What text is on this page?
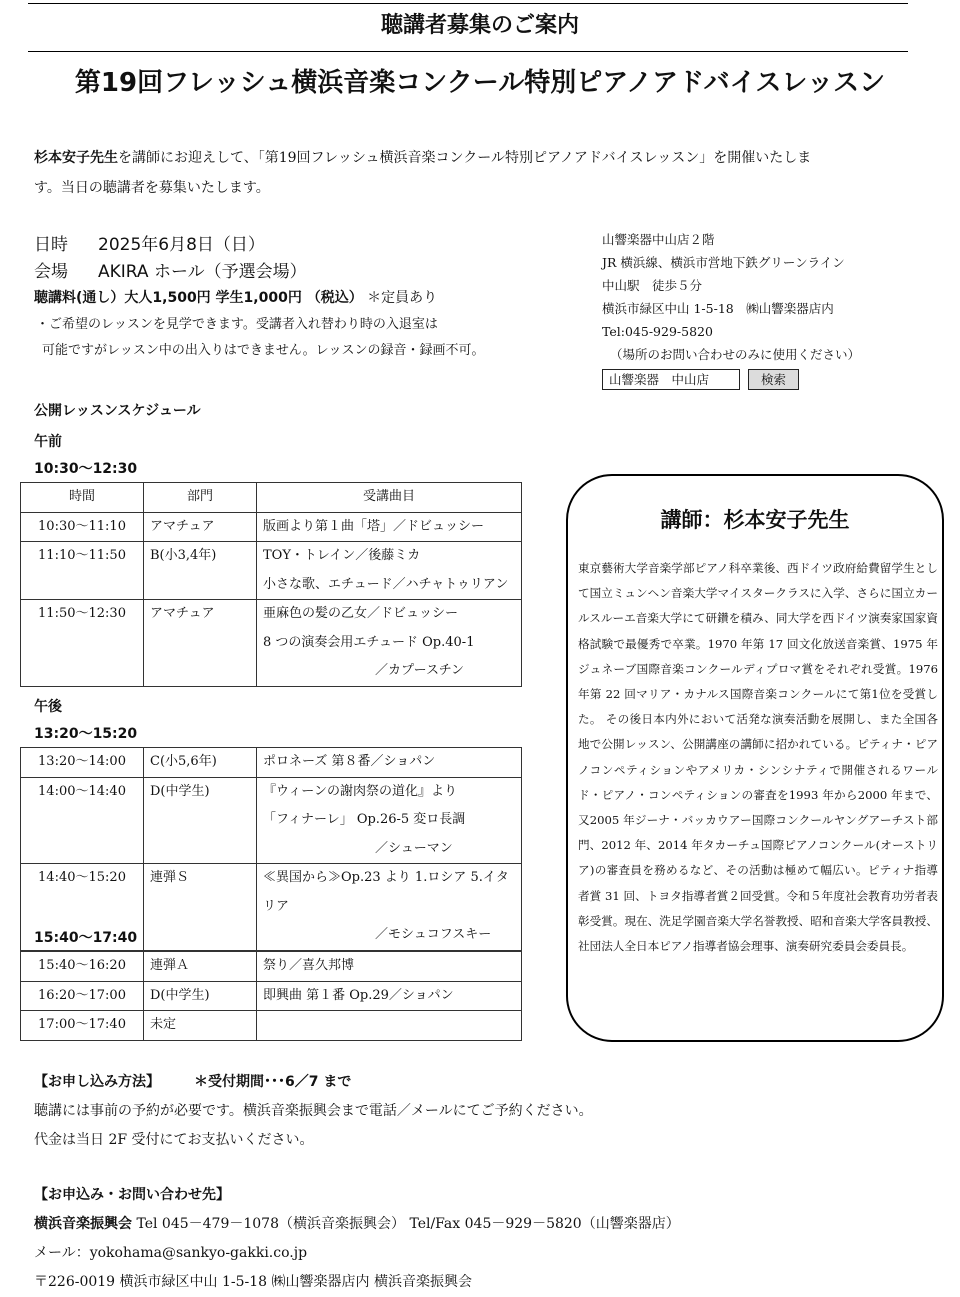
聴講者募集のご案内
第19回フレッシュ横浜音楽コンクール特別ピアノアドバイスレッスン
杉本安子先生を講師にお迎えして、「第19回フレッシュ横浜音楽コンクール特別ピアノアドバイスレッスン」を開催いたしま
す。当日の聴講者を募集いたします。
日時 2025年6月8日（日）
会場 AKIRA ホール（予選会場）
聴講料(通し）大人1,500円 学生1,000円 （税込） ＊定員あり
・ご希望のレッスンを見学できます。受講者入れ替わり時の入退室は
可能ですがレッスン中の出入りはできません。レッスンの録音・録画不可。
山響楽器中山店２階
JR 横浜線、横浜市営地下鉄グリーンライン
中山駅　徒歩５分
横浜市緑区中山 1-5-18　㈱山響楽器店内
Tel:045-929-5820
（場所のお問い合わせのみに使用ください）
山響楽器　中山店	検索
公開レッスンスケジュール
午前
10:30～12:30
時間	部門	受講曲目
10:30～11:10	アマチュア	版画より第１曲「塔」／ドビュッシー

11:10～11:50	B(小3,4年)	TOY・トレイン／後藤ミカ
小さな歌、エチュード／ハチャトゥリアン

11:50～12:30	アマチュア	亜麻色の髪の乙女／ドビュッシー
8 つの演奏会用エチュード Op.40-1
／カプースチン
午後
13:20～15:20
13:20～14:00	C(小5,6年)	ポロネーズ 第８番／ショパン

14:00～14:40	D(中学生)	『ウィーンの謝肉祭の道化』より
「フィナーレ」 Op.26-5 変ロ長調
／シューマン

14:40～15:20	連弾Ｓ	≪異国から≫Op.23 より 1.ロシア 5.イタリア
／モシュコフスキー
15:40～17:40
15:40～16:20	連弾Ａ	祭り／喜久邦博

16:20～17:00	D(中学生)	即興曲 第１番 Op.29／ショパン

17:00～17:40	未定	
講師：杉本安子先生
東京藝術大学音楽学部ピアノ科卒業後、西ドイツ政府給費留学生として国立ミュンヘン音楽大学マイスタークラスに入学、さらに国立カールスルーエ音楽大学にて研鑽を積み、同大学を西ドイツ演奏家国家資格試験で最優秀で卒業。1970 年第 17 回文化放送音楽賞、1975 年ジュネーブ国際音楽コンクールディプロマ賞をそれぞれ受賞。1976 年第 22 回マリア・カナルス国際音楽コンクールにて第1位を受賞した。 その後日本内外において活発な演奏活動を展開し、また全国各地で公開レッスン、公開講座の講師に招かれている。ピティナ・ピアノコンペティションやアメリカ・シンシナティで開催されるワールド・ピアノ・コンペティションの審査を1993 年から2000 年まで、又2005 年ジーナ・バッカウアー国際コンクールヤングアーチスト部門、2012 年、2014 年タカーチュ国際ピアノコンクール(オーストリア)の審査員を務めるなど、その活動は極めて幅広い。ピティナ指導者賞 31 回、トヨタ指導者賞２回受賞。令和５年度社会教育功労者表彰受賞。現在、洗足学園音楽大学名誉教授、昭和音楽大学客員教授、社団法人全日本ピアノ指導者協会理事、演奏研究委員会委員長。
【お申し込み方法】 ＊受付期間･･･6／7 まで
聴講には事前の予約が必要です。横浜音楽振興会まで電話／メールにてご予約ください。
代金は当日 2F 受付にてお支払いください。
【お申込み・お問い合わせ先】
横浜音楽振興会 Tel 045－479－1078（横浜音楽振興会） Tel/Fax 045－929－5820（山響楽器店）
メール：yokohama@sankyo-gakki.co.jp
〒226-0019 横浜市緑区中山 1-5-18 ㈱山響楽器店内 横浜音楽振興会
